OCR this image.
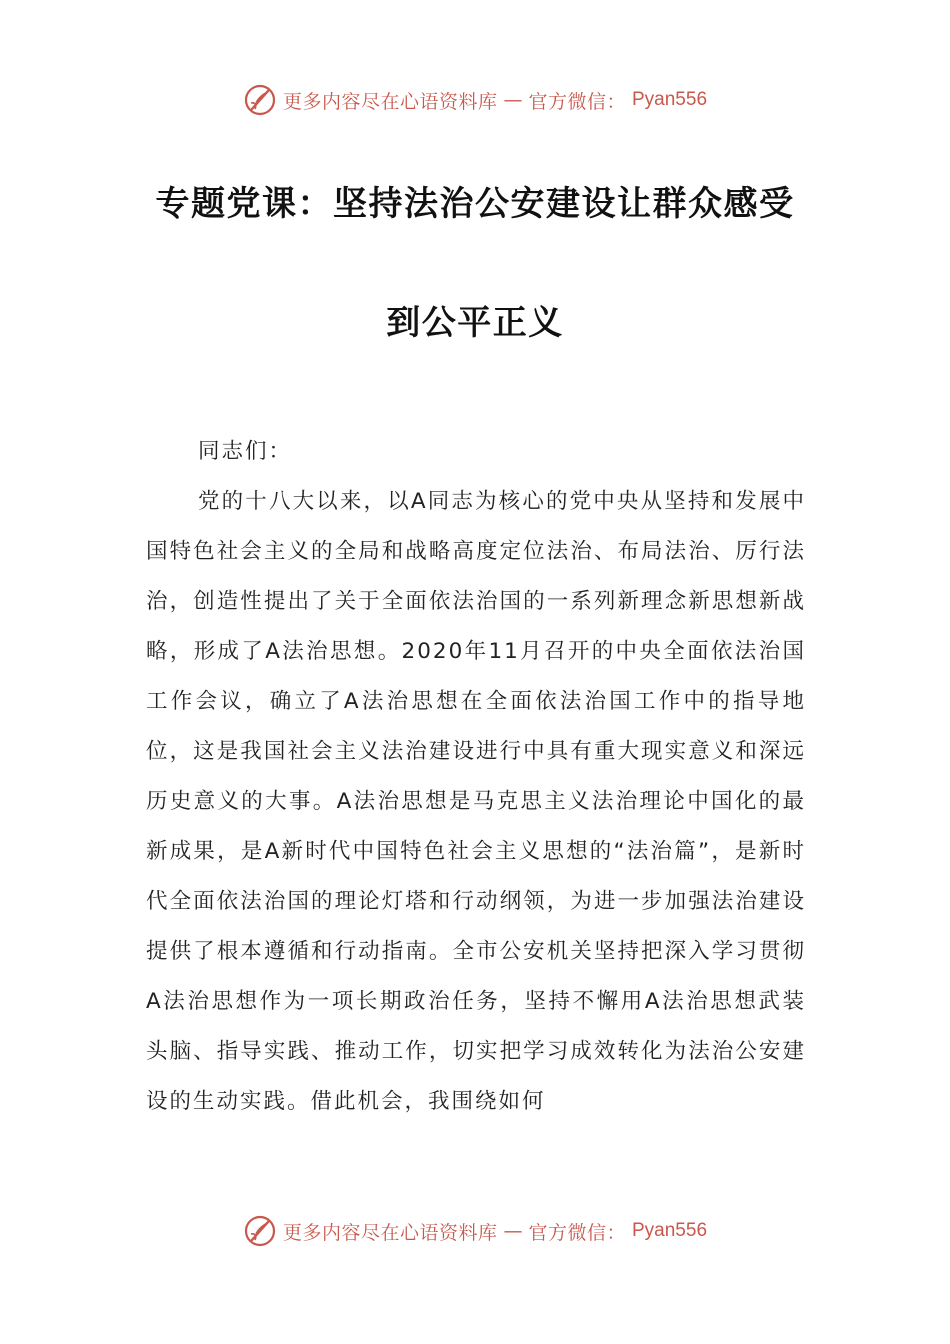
更多内容尽在心语资料库 — 官方微信： Pyan556
专题党课：坚持法治公安建设让群众感受
到公平正义

同志们：

党的十八大以来，以A同志为核心的党中央从坚持和发展中国特色社会主义的全局和战略高度定位法治、布局法治、厉行法治，创造性提出了关于全面依法治国的一系列新理念新思想新战略，形成了A法治思想。2020年11月召开的中央全面依法治国工作会议，确立了A法治思想在全面依法治国工作中的指导地位，这是我国社会主义法治建设进行中具有重大现实意义和深远历史意义的大事。A法治思想是马克思主义法治理论中国化的最新成果，是A新时代中国特色社会主义思想的“法治篇”，是新时代全面依法治国的理论灯塔和行动纲领，为进一步加强法治建设提供了根本遵循和行动指南。全市公安机关坚持把深入学习贯彻A法治思想作为一项长期政治任务，坚持不懈用A法治思想武装头脑、指导实践、推动工作，切实把学习成效转化为法治公安建设的生动实践。借此机会，我围绕如何

更多内容尽在心语资料库 — 官方微信： Pyan556
